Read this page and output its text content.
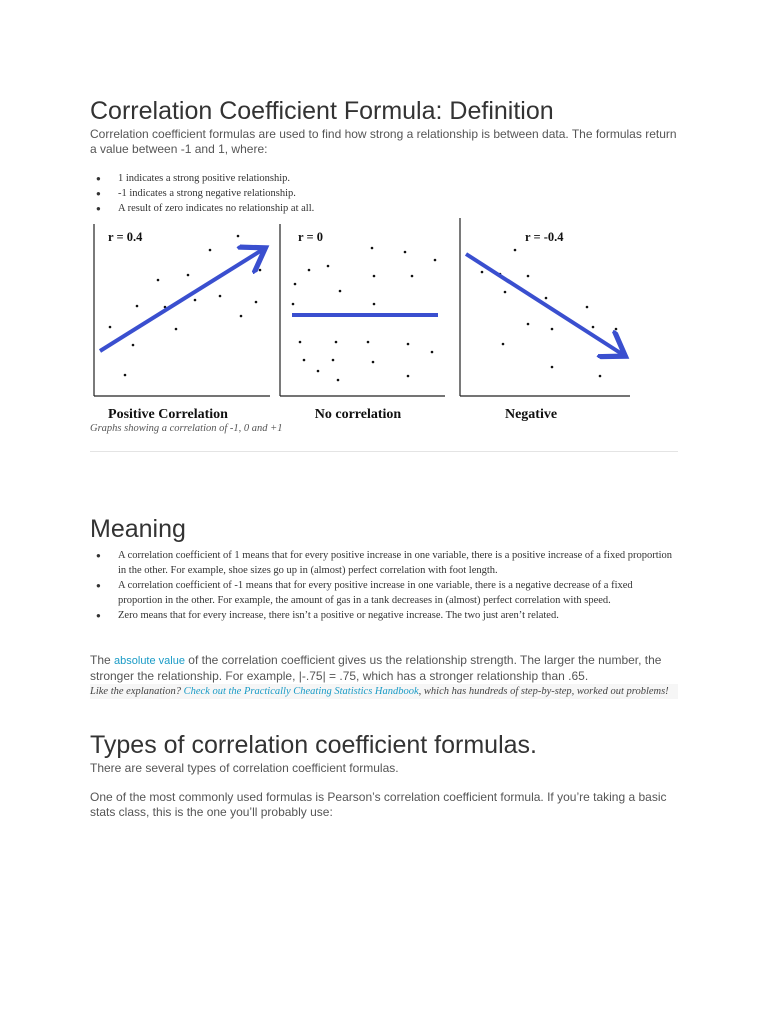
Correlation Coefficient Formula: Definition

Correlation coefficient formulas are used to find how strong a relationship is between data. The formulas return a value between -1 and 1, where:

● 1 indicates a strong positive relationship.
● -1 indicates a strong negative relationship.
● A result of zero indicates no relationship at all.
r = 0.4
Positive Correlation
r = 0
No correlation
r = -0.4
Negative

Graphs showing a correlation of -1, 0 and +1

Meaning
● A correlation coefficient of 1 means that for every positive increase in one variable, there is a positive increase of a fixed proportion in the other. For example, shoe sizes go up in (almost) perfect correlation with foot length.
● A correlation coefficient of -1 means that for every positive increase in one variable, there is a negative decrease of a fixed proportion in the other. For example, the amount of gas in a tank decreases in (almost) perfect correlation with speed.
● Zero means that for every increase, there isn’t a positive or negative increase. The two just aren’t related.

The absolute value of the correlation coefficient gives us the relationship strength. The larger the number, the stronger the relationship. For example, |-.75| = .75, which has a stronger relationship than .65.

Like the explanation? Check out the Practically Cheating Statistics Handbook, which has hundreds of step-by-step, worked out problems!

Types of correlation coefficient formulas.

There are several types of correlation coefficient formulas.

One of the most commonly used formulas is Pearson’s correlation coefficient formula. If you’re taking a basic stats class, this is the one you’ll probably use:
